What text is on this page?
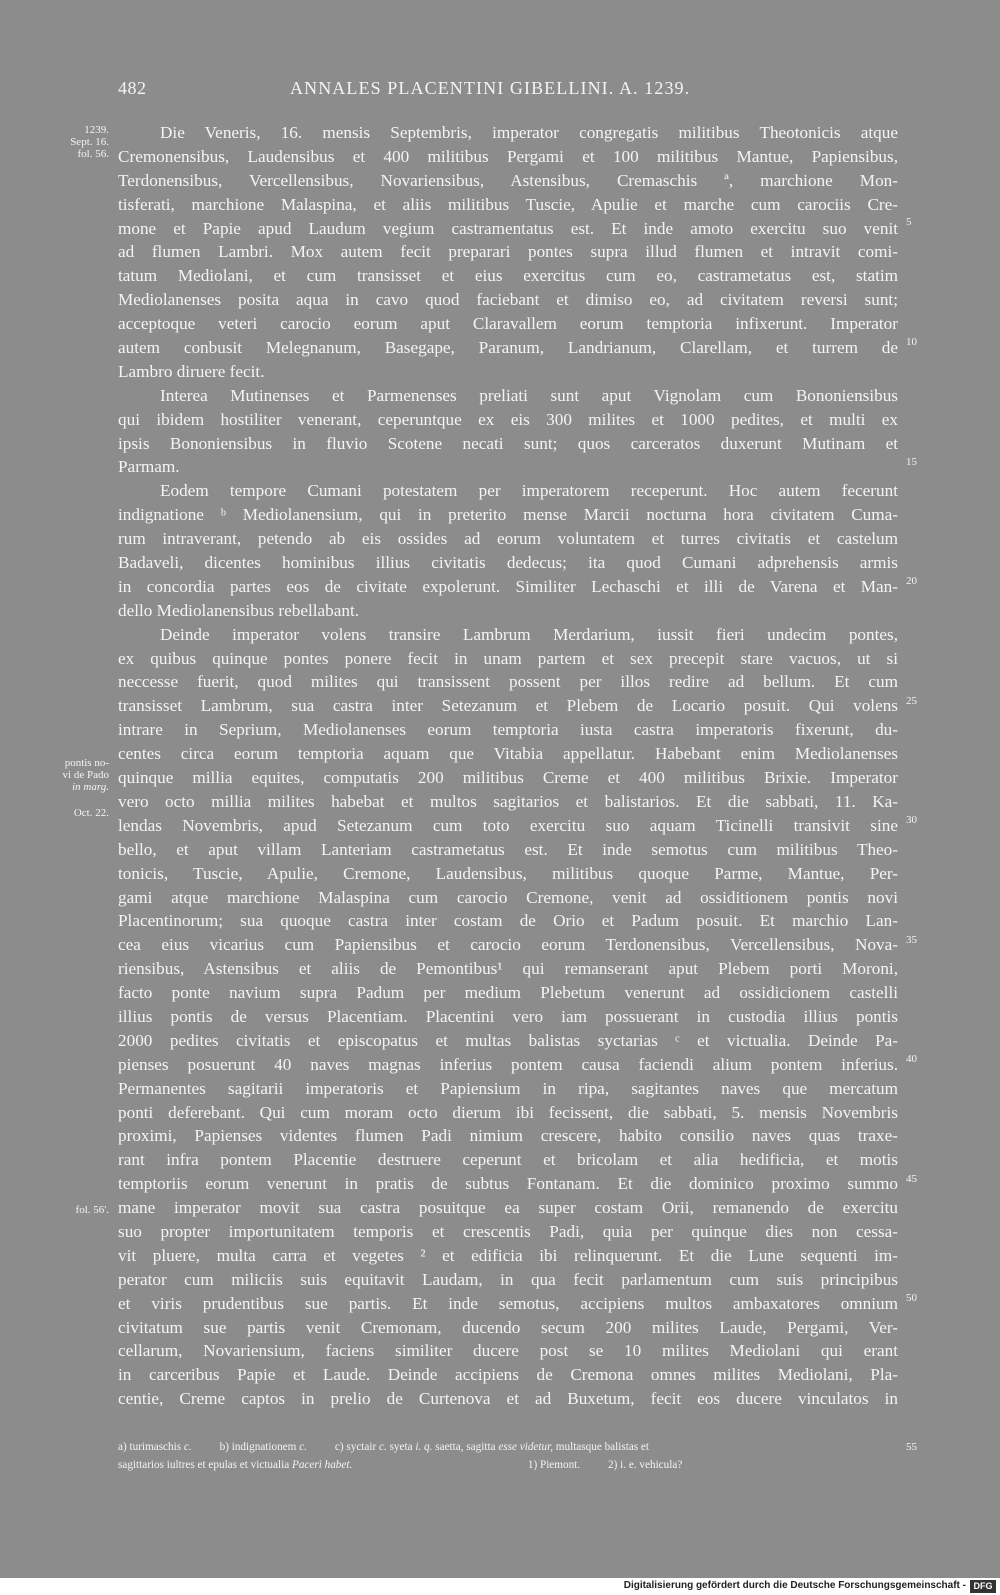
482	ANNALES PLACENTINI GIBELLINI. A. 1239.
1239.
Sept. 16.
fol. 56.
pontis no-
vi de Pado
in marg.
Oct. 22.
fol. 56'.
Die Veneris, 16. mensis Septembris, imperator congregatis militibus Theotonicis atque
Cremonensibus, Laudensibus et 400 militibus Pergami et 100 militibus Mantue, Papiensibus,
Terdonensibus, Vercellensibus, Novariensibus, Astensibus, Cremaschis ª, marchione Mon-
tisferati, marchione Malaspina, et aliis militibus Tuscie, Apulie et marche cum carociis Cre-
mone et Papie apud Laudum vegium castramentatus est. Et inde amoto exercitu suo venit
ad flumen Lambri. Mox autem fecit preparari pontes supra illud flumen et intravit comi-
tatum Mediolani, et cum transisset et eius exercitus cum eo, castrametatus est, statim
Mediolanenses posita aqua in cavo quod faciebant et dimiso eo, ad civitatem reversi sunt;
acceptoque veteri carocio eorum aput Claravallem eorum temptoria infixerunt. Imperator
autem conbusit Melegnanum, Basegape, Paranum, Landrianum, Clarellam, et turrem de
Lambro diruere fecit.
Interea Mutinenses et Parmenenses preliati sunt aput Vignolam cum Bononiensibus
qui ibidem hostiliter venerant, ceperuntque ex eis 300 milites et 1000 pedites, et multi ex
ipsis Bononiensibus in fluvio Scotene necati sunt; quos carceratos duxerunt Mutinam et
Parmam.
Eodem tempore Cumani potestatem per imperatorem receperunt. Hoc autem fecerunt
indignatione ᵇ Mediolanensium, qui in preterito mense Marcii nocturna hora civitatem Cuma-
rum intraverant, petendo ab eis ossides ad eorum voluntatem et turres civitatis et castelum
Badaveli, dicentes hominibus illius civitatis dedecus; ita quod Cumani adprehensis armis
in concordia partes eos de civitate expolerunt. Similiter Lechaschi et illi de Varena et Man-
dello Mediolanensibus rebellabant.
Deinde imperator volens transire Lambrum Merdarium, iussit fieri undecim pontes,
ex quibus quinque pontes ponere fecit in unam partem et sex precepit stare vacuos, ut si
neccesse fuerit, quod milites qui transissent possent per illos redire ad bellum. Et cum
transisset Lambrum, sua castra inter Setezanum et Plebem de Locario posuit. Qui volens
intrare in Seprium, Mediolanenses eorum temptoria iusta castra imperatoris fixerunt, du-
centes circa eorum temptoria aquam que Vitabia appellatur. Habebant enim Mediolanenses
quinque millia equites, computatis 200 militibus Creme et 400 militibus Brixie. Imperator
vero octo millia milites habebat et multos sagitarios et balistarios. Et die sabbati, 11. Ka-
lendas Novembris, apud Setezanum cum toto exercitu suo aquam Ticinelli transivit sine
bello, et aput villam Lanteriam castrametatus est. Et inde semotus cum militibus Theo-
tonicis, Tuscie, Apulie, Cremone, Laudensibus, militibus quoque Parme, Mantue, Per-
gami atque marchione Malaspina cum carocio Cremone, venit ad ossiditionem pontis novi
Placentinorum; sua quoque castra inter costam de Orio et Padum posuit. Et marchio Lan-
cea eius vicarius cum Papiensibus et carocio eorum Terdonensibus, Vercellensibus, Nova-
riensibus, Astensibus et aliis de Pemontibus¹ qui remanserant aput Plebem porti Moroni,
facto ponte navium supra Padum per medium Plebetum venerunt ad ossidicionem castelli
illius pontis de versus Placentiam. Placentini vero iam possuerant in custodia illius pontis
2000 pedites civitatis et episcopatus et multas balistas syctarias ᶜ et victualia. Deinde Pa-
pienses posuerunt 40 naves magnas inferius pontem causa faciendi alium pontem inferius.
Permanentes sagitarii imperatoris et Papiensium in ripa, sagitantes naves que mercatum
ponti deferebant. Qui cum moram octo dierum ibi fecissent, die sabbati, 5. mensis Novembris
proximi, Papienses videntes flumen Padi nimium crescere, habito consilio naves quas traxe-
rant infra pontem Placentie destruere ceperunt et bricolam et alia hedificia, et motis
temptoriis eorum venerunt in pratis de subtus Fontanam. Et die dominico proximo summo
mane imperator movit sua castra posuitque ea super costam Orii, remanendo de exercitu
suo propter importunitatem temporis et crescentis Padi, quia per quinque dies non cessa-
vit pluere, multa carra et vegetes ² et edificia ibi relinquerunt. Et die Lune sequenti im-
perator cum miliciis suis equitavit Laudam, in qua fecit parlamentum cum suis principibus
et viris prudentibus sue partis. Et inde semotus, accipiens multos ambaxatores omnium
civitatum sue partis venit Cremonam, ducendo secum 200 milites Laude, Pergami, Ver-
cellarum, Novariensium, faciens similiter ducere post se 10 milites Mediolani qui erant
in carceribus Papie et Laude. Deinde accipiens de Cremona omnes milites Mediolani, Pla-
centie, Creme captos in prelio de Curtenova et ad Buxetum, fecit eos ducere vinculatos in
5
10
15
20
25
30
35
40
45
50
55
a) turimaschis c. b) indignationem c. c) syctair c. syeta i. q. saetta, sagitta esse videtur, multasque balistas et
sagittarios iultres et epulas et victualia Pacerì habet.	1) Piemont. 2) i. e. vehicula?
Digitalisierung gefördert durch die Deutsche Forschungsgemeinschaft - DFG
